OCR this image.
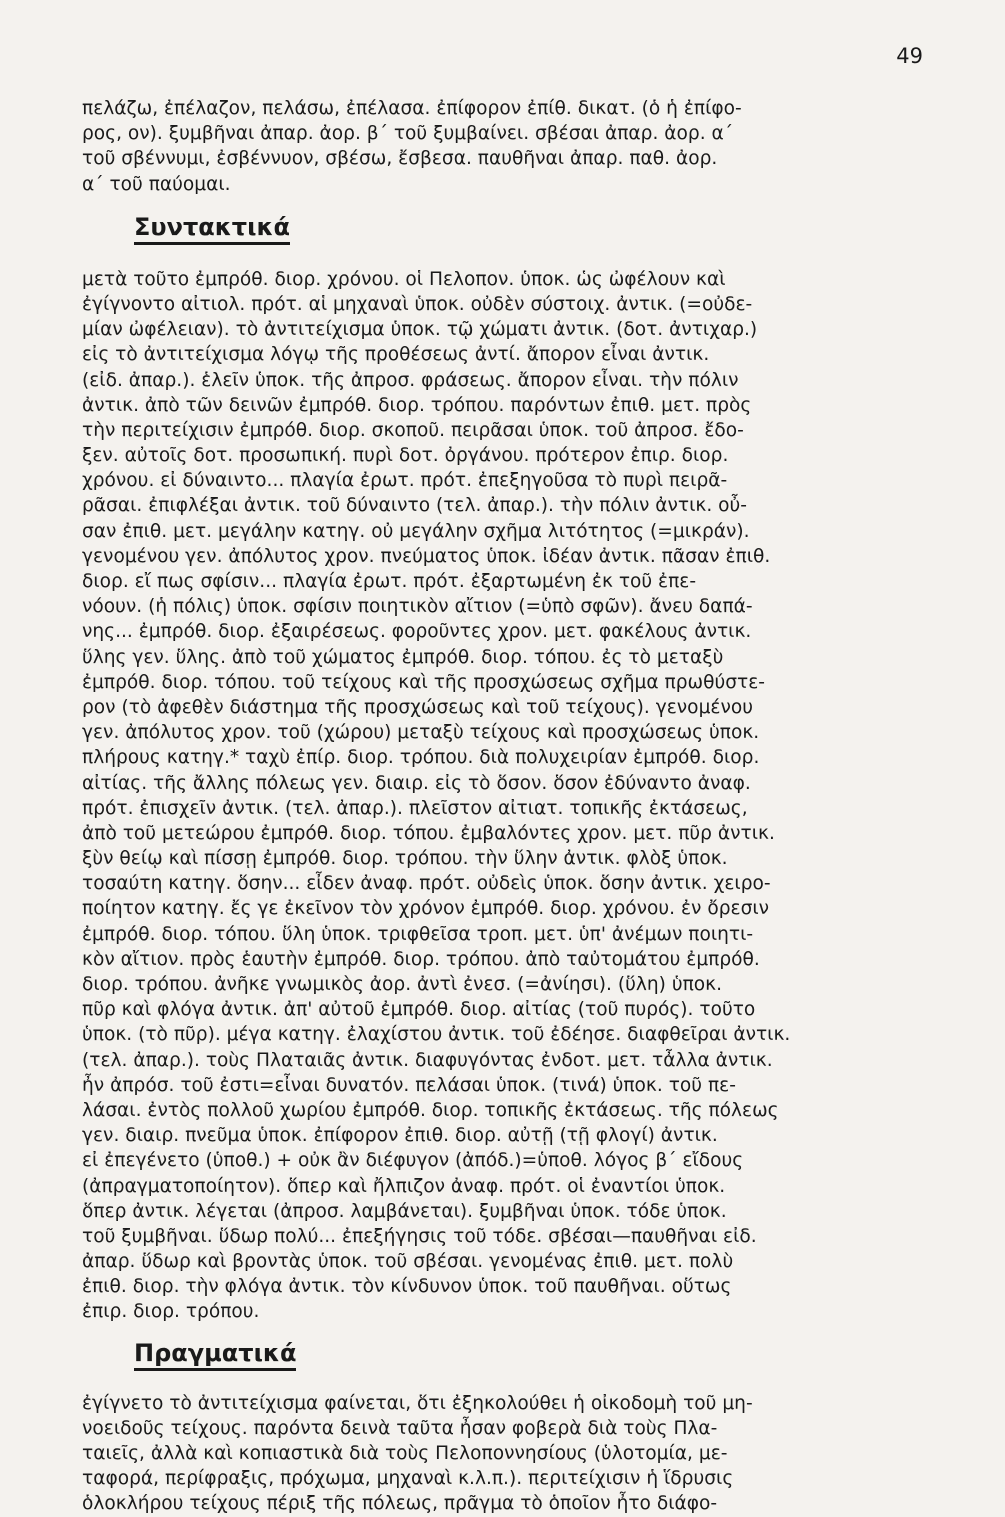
49
πελάζω, ἐπέλαζον, πελάσω, ἐπέλασα. ἐπίφορον ἐπίθ. δικατ. (ὁ ἡ ἐπίφο-
ρος, ον). ξυμβῆναι ἀπαρ. ἀορ. β΄ τοῦ ξυμβαίνει. σβέσαι ἀπαρ. ἀορ. α΄
τοῦ σβέννυμι, ἐσβέννυον, σβέσω, ἔσβεσα. παυθῆναι ἀπαρ. παθ. ἀορ.
α΄ τοῦ παύομαι.
Συντακτικά
μετὰ τοῦτο ἐμπρόθ. διορ. χρόνου. οἱ Πελοπον. ὑποκ. ὡς ὠφέλουν καὶ
ἐγίγνοντο αἰτιολ. πρότ. αἱ μηχαναὶ ὑποκ. οὐδὲν σύστοιχ. ἀντικ. (=οὐδε-
μίαν ὠφέλειαν). τὸ ἀντιτείχισμα ὑποκ. τῷ χώματι ἀντικ. (δοτ. ἀντιχαρ.)
εἰς τὸ ἀντιτείχισμα λόγῳ τῆς προθέσεως ἀντί. ἄπορον εἶναι ἀντικ.
(εἰδ. ἀπαρ.). ἑλεῖν ὑποκ. τῆς ἀπροσ. φράσεως. ἄπορον εἶναι. τὴν πόλιν
ἀντικ. ἀπὸ τῶν δεινῶν ἐμπρόθ. διορ. τρόπου. παρόντων ἐπιθ. μετ. πρὸς
τὴν περιτείχισιν ἐμπρόθ. διορ. σκοποῦ. πειρᾶσαι ὑποκ. τοῦ ἀπροσ. ἔδο-
ξεν. αὐτοῖς δοτ. προσωπική. πυρὶ δοτ. ὀργάνου. πρότερον ἐπιρ. διορ.
χρόνου. εἰ δύναιντο... πλαγία ἐρωτ. πρότ. ἐπεξηγοῦσα τὸ πυρὶ πειρᾶ-
ρᾶσαι. ἐπιφλέξαι ἀντικ. τοῦ δύναιντο (τελ. ἀπαρ.). τὴν πόλιν ἀντικ. οὖ-
σαν ἐπιθ. μετ. μεγάλην κατηγ. οὐ μεγάλην σχῆμα λιτότητος (=μικράν).
γενομένου γεν. ἀπόλυτος χρον. πνεύματος ὑποκ. ἰδέαν ἀντικ. πᾶσαν ἐπιθ.
διορ. εἴ πως σφίσιν... πλαγία ἐρωτ. πρότ. ἐξαρτωμένη ἐκ τοῦ ἐπε-
νόουν. (ἡ πόλις) ὑποκ. σφίσιν ποιητικὸν αἴτιον (=ὑπὸ σφῶν). ἄνευ δαπά-
νης... ἐμπρόθ. διορ. ἐξαιρέσεως. φοροῦντες χρον. μετ. φακέλους ἀντικ.
ὕλης γεν. ὕλης. ἀπὸ τοῦ χώματος ἐμπρόθ. διορ. τόπου. ἐς τὸ μεταξὺ
ἐμπρόθ. διορ. τόπου. τοῦ τείχους καὶ τῆς προσχώσεως σχῆμα πρωθύστε-
ρον (τὸ ἀφεθὲν διάστημα τῆς προσχώσεως καὶ τοῦ τείχους). γενομένου
γεν. ἀπόλυτος χρον. τοῦ (χώρου) μεταξὺ τείχους καὶ προσχώσεως ὑποκ.
πλήρους κατηγ.* ταχὺ ἐπίρ. διορ. τρόπου. διὰ πολυχειρίαν ἐμπρόθ. διορ.
αἰτίας. τῆς ἄλλης πόλεως γεν. διαιρ. εἰς τὸ ὅσον. ὅσον ἐδύναντο ἀναφ.
πρότ. ἐπισχεῖν ἀντικ. (τελ. ἀπαρ.). πλεῖστον αἰτιατ. τοπικῆς ἐκτάσεως,
ἀπὸ τοῦ μετεώρου ἐμπρόθ. διορ. τόπου. ἐμβαλόντες χρον. μετ. πῦρ ἀντικ.
ξὺν θείῳ καὶ πίσσῃ ἐμπρόθ. διορ. τρόπου. τὴν ὕλην ἀντικ. φλὸξ ὑποκ.
τοσαύτη κατηγ. ὅσην... εἶδεν ἀναφ. πρότ. οὐδεὶς ὑποκ. ὅσην ἀντικ. χειρο-
ποίητον κατηγ. ἔς γε ἐκεῖνον τὸν χρόνον ἐμπρόθ. διορ. χρόνου. ἐν ὄρεσιν
ἐμπρόθ. διορ. τόπου. ὕλη ὑποκ. τριφθεῖσα τροπ. μετ. ὑπ' ἀνέμων ποιητι-
κὸν αἴτιον. πρὸς ἑαυτὴν ἐμπρόθ. διορ. τρόπου. ἀπὸ ταὐτομάτου ἐμπρόθ.
διορ. τρόπου. ἀνῆκε γνωμικὸς ἀορ. ἀντὶ ἐνεσ. (=ἀνίησι). (ὕλη) ὑποκ.
πῦρ καὶ φλόγα ἀντικ. ἀπ' αὐτοῦ ἐμπρόθ. διορ. αἰτίας (τοῦ πυρός). τοῦτο
ὑποκ. (τὸ πῦρ). μέγα κατηγ. ἐλαχίστου ἀντικ. τοῦ ἐδέησε. διαφθεῖραι ἀντικ.
(τελ. ἀπαρ.). τοὺς Πλαταιᾶς ἀντικ. διαφυγόντας ἐνδοτ. μετ. τἆλλα ἀντικ.
ἦν ἀπρόσ. τοῦ ἐστι=εἶναι δυνατόν. πελάσαι ὑποκ. (τινά) ὑποκ. τοῦ πε-
λάσαι. ἐντὸς πολλοῦ χωρίου ἐμπρόθ. διορ. τοπικῆς ἐκτάσεως. τῆς πόλεως
γεν. διαιρ. πνεῦμα ὑποκ. ἐπίφορον ἐπιθ. διορ. αὐτῇ (τῇ φλογί) ἀντικ.
εἰ ἐπεγένετο (ὑποθ.) + οὐκ ἂν διέφυγον (ἀπόδ.)=ὑποθ. λόγος β΄ εἴδους
(ἀπραγματοποίητον). ὅπερ καὶ ἤλπιζον ἀναφ. πρότ. οἱ ἐναντίοι ὑποκ.
ὅπερ ἀντικ. λέγεται (ἀπροσ. λαμβάνεται). ξυμβῆναι ὑποκ. τόδε ὑποκ.
τοῦ ξυμβῆναι. ὕδωρ πολύ... ἐπεξήγησις τοῦ τόδε. σβέσαι—παυθῆναι εἰδ.
ἀπαρ. ὕδωρ καὶ βροντὰς ὑποκ. τοῦ σβέσαι. γενομένας ἐπιθ. μετ. πολὺ
ἐπιθ. διορ. τὴν φλόγα ἀντικ. τὸν κίνδυνον ὑποκ. τοῦ παυθῆναι. οὕτως
ἐπιρ. διορ. τρόπου.
Πραγματικά
ἐγίγνετο τὸ ἀντιτείχισμα φαίνεται, ὅτι ἐξηκολούθει ἡ οἰκοδομὴ τοῦ μη-
νοειδοῦς τείχους. παρόντα δεινὰ ταῦτα ἦσαν φοβερὰ διὰ τοὺς Πλα-
ταιεῖς, ἀλλὰ καὶ κοπιαστικὰ διὰ τοὺς Πελοποννησίους (ὑλοτομία, με-
ταφορά, περίφραξις, πρόχωμα, μηχαναὶ κ.λ.π.). περιτείχισιν ἡ ἵδρυσις
ὁλοκλήρου τείχους πέριξ τῆς πόλεως, πρᾶγμα τὸ ὁποῖον ἦτο διάφο-
